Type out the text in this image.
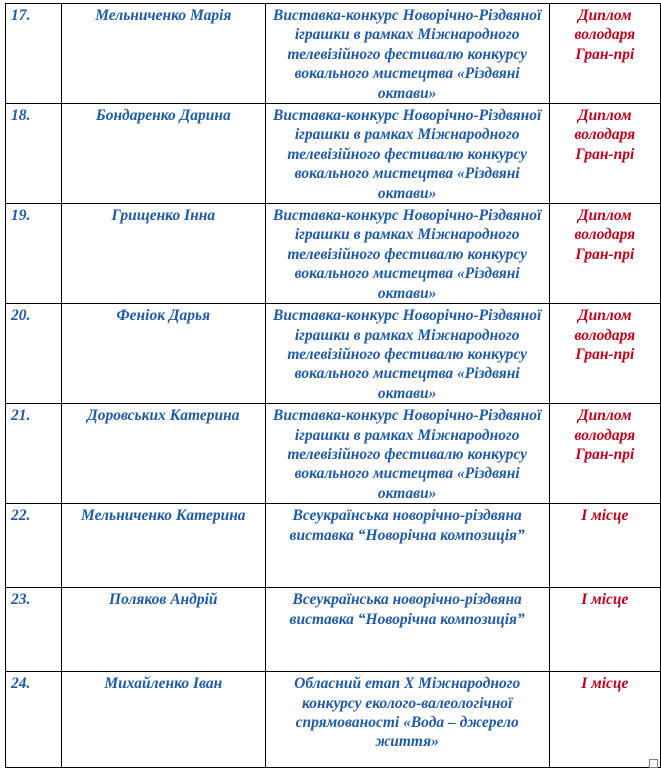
17.	Мельниченко Марія	Виставка-конкурс Новорічно-Різдвяної іграшки в рамках Міжнародного телевізійного фестивалю конкурсу вокального мистецтва «Різдвяні октави»	Диплом володаря Гран-прі
18.	Бондаренко Дарина	Виставка-конкурс Новорічно-Різдвяної іграшки в рамках Міжнародного телевізійного фестивалю конкурсу вокального мистецтва «Різдвяні октави»	Диплом володаря Гран-прі
19.	Грищенко Інна	Виставка-конкурс Новорічно-Різдвяної іграшки в рамках Міжнародного телевізійного фестивалю конкурсу вокального мистецтва «Різдвяні октави»	Диплом володаря Гран-прі
20.	Феніок Дарья	Виставка-конкурс Новорічно-Різдвяної іграшки в рамках Міжнародного телевізійного фестивалю конкурсу вокального мистецтва «Різдвяні октави»	Диплом володаря Гран-прі
21.	Доровських Катерина	Виставка-конкурс Новорічно-Різдвяної іграшки в рамках Міжнародного телевізійного фестивалю конкурсу вокального мистецтва «Різдвяні октави»	Диплом володаря Гран-прі
22.	Мельниченко Катерина	Всеукраїнська новорічно-різдвяна виставка “Новорічна композиція”	І місце
23.	Поляков Андрій	Всеукраїнська новорічно-різдвяна виставка “Новорічна композиція”	І місце
24.	Михайленко Іван	Обласний етап Х Міжнародного конкурсу еколого-валеологічної спрямованості «Вода – джерело життя»	І місце
